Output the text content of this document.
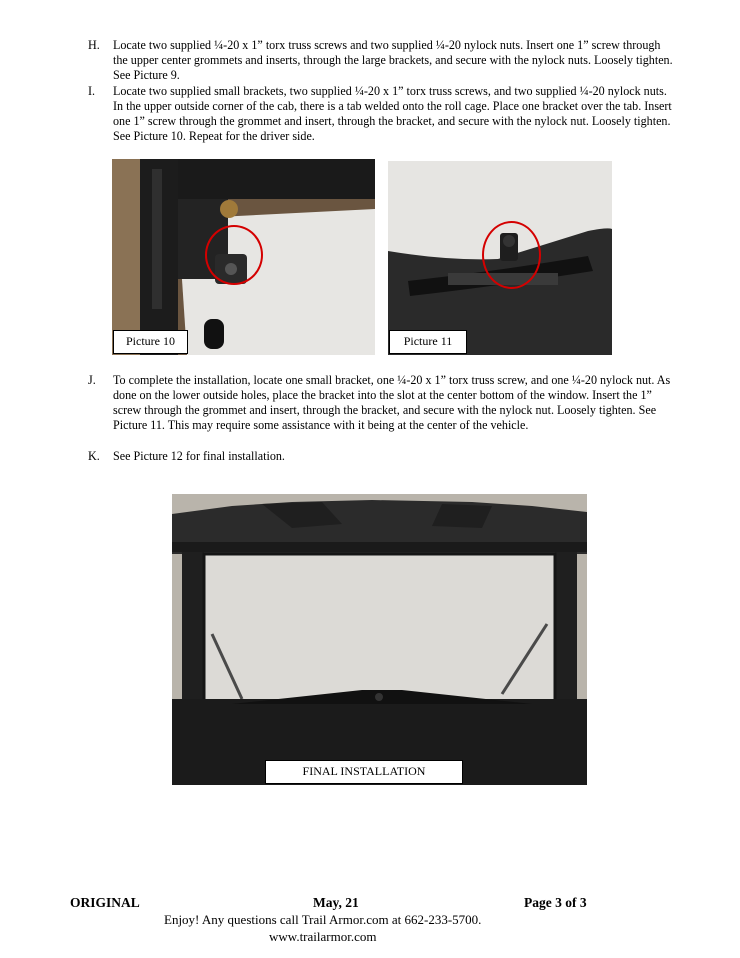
H.	Locate two supplied ¼-20 x 1” torx truss screws and two supplied ¼-20 nylock nuts. Insert one 1” screw through the upper center grommets and inserts, through the large brackets, and secure with the nylock nuts. Loosely tighten. See Picture 9.
I.	Locate two supplied small brackets, two supplied ¼-20 x 1” torx truss screws, and two supplied ¼-20 nylock nuts. In the upper outside corner of the cab, there is a tab welded onto the roll cage. Place one bracket over the tab. Insert one 1” screw through the grommet and insert, through the bracket, and secure with the nylock nut. Loosely tighten. See Picture 10. Repeat for the driver side.
Picture 10	Picture 11
J.	To complete the installation, locate one small bracket, one ¼-20 x 1” torx truss screw, and one ¼-20 nylock nut. As done on the lower outside holes, place the bracket into the slot at the center bottom of the window. Insert the 1” screw through the grommet and insert, through the bracket, and secure with the nylock nut. Loosely tighten. See Picture 11. This may require some assistance with it being at the center of the vehicle.
K.	See Picture 12 for final installation.
FINAL INSTALLATION
ORIGINAL	May, 21	Page 3 of 3
Enjoy! Any questions call Trail Armor.com at 662-233-5700.
www.trailarmor.com
